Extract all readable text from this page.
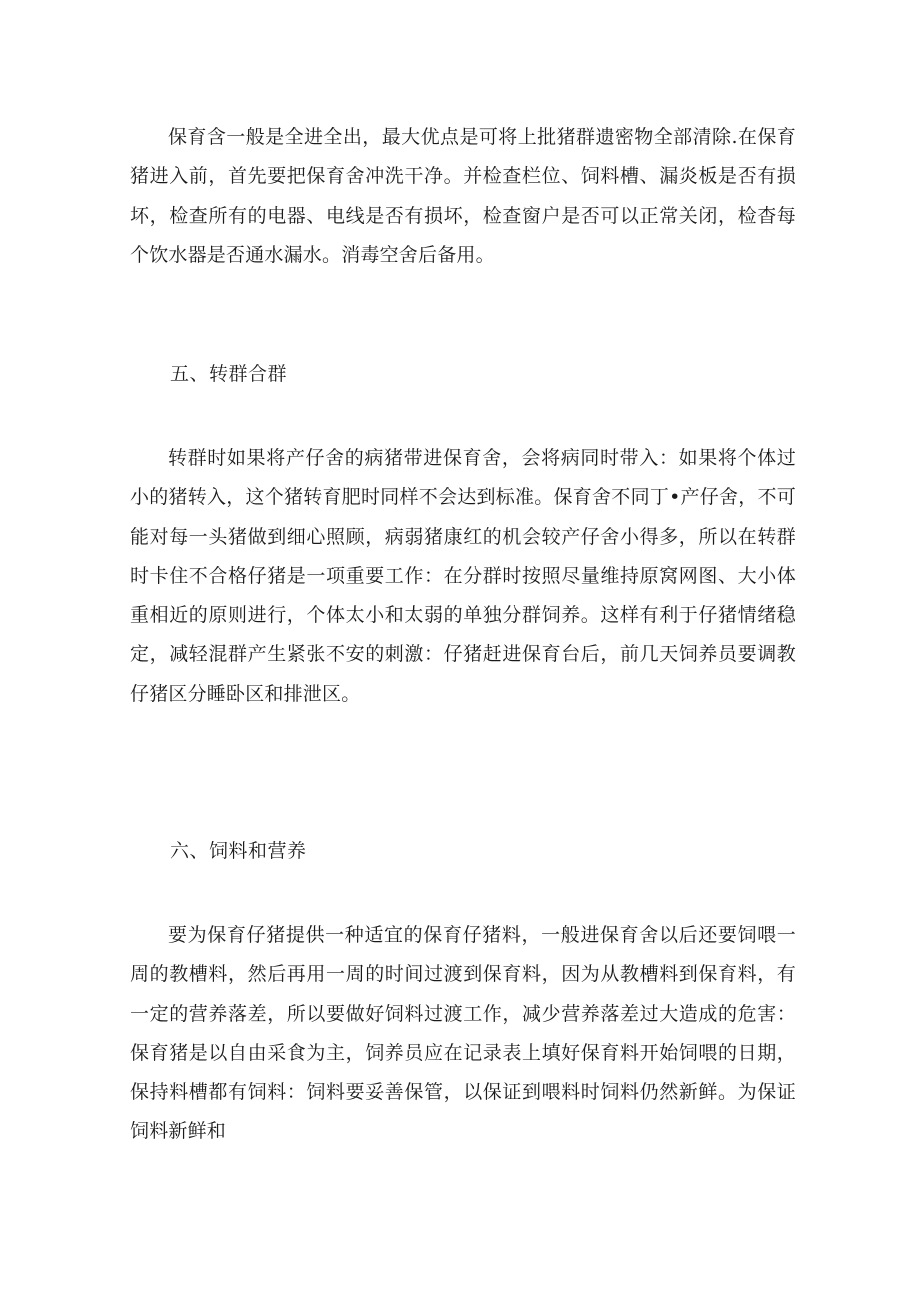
保育含一般是全进全出，最大优点是可将上批猪群遗密物全部清除.在保育猪进入前，首先要把保育舍冲洗干净。并检查栏位、饲料槽、漏炎板是否有损坏，检查所有的电器、电线是否有损坏，检查窗户是否可以正常关闭，检杳每个饮水器是否通水漏水。消毒空舍后备用。

五、转群合群

转群时如果将产仔舍的病猪带进保育舍，会将病同时带入：如果将个体过小的猪转入，这个猪转育肥时同样不会达到标准。保育舍不同丁•产仔舍，不可能对每一头猪做到细心照顾，病弱猪康红的机会较产仔舍小得多，所以在转群时卡住不合格仔猪是一项重要工作：在分群时按照尽量维持原窝网图、大小体重相近的原则进行，个体太小和太弱的单独分群饲养。这样有利于仔猪情绪稳定，减轻混群产生紧张不安的刺激：仔猪赶进保育台后，前几天饲养员要调教仔猪区分睡卧区和排泄区。

六、饲料和营养

要为保育仔猪提供一种适宜的保育仔猪料，一般进保育舍以后还要饲喂一周的教槽料，然后再用一周的时间过渡到保育料，因为从教槽料到保育料，有一定的营养落差，所以要做好饲料过渡工作，减少营养落差过大造成的危害：保育猪是以自由采食为主，饲养员应在记录表上填好保育料开始饲喂的日期，保持料槽都有饲料：饲料要妥善保管，以保证到喂料时饲料仍然新鲜。为保证饲料新鲜和
